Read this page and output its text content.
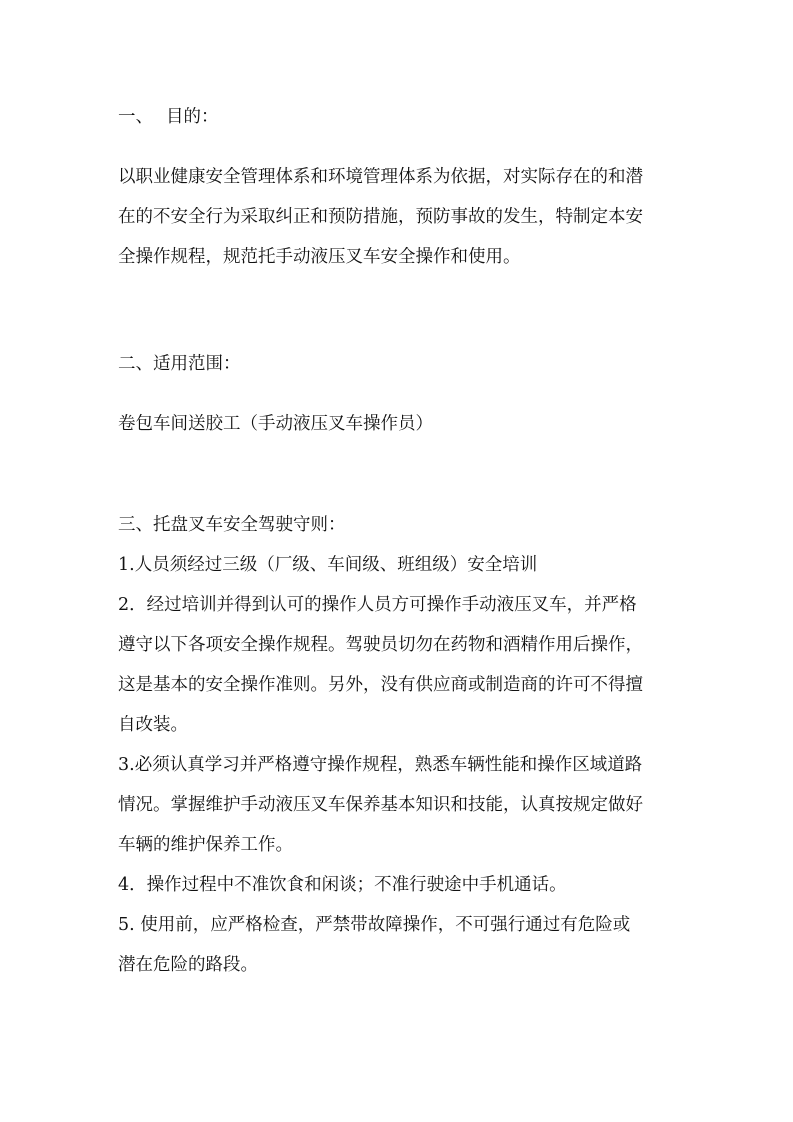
一、 目的：
以职业健康安全管理体系和环境管理体系为依据，对实际存在的和潜
在的不安全行为采取纠正和预防措施，预防事故的发生，特制定本安
全操作规程，规范托手动液压叉车安全操作和使用。
二、适用范围：
卷包车间送胶工（手动液压叉车操作员）
三、托盘叉车安全驾驶守则：
1.人员须经过三级（厂级、车间级、班组级）安全培训
2．经过培训并得到认可的操作人员方可操作手动液压叉车，并严格
遵守以下各项安全操作规程。驾驶员切勿在药物和酒精作用后操作，
这是基本的安全操作准则。另外，没有供应商或制造商的许可不得擅
自改装。
3.必须认真学习并严格遵守操作规程，熟悉车辆性能和操作区域道路
情况。掌握维护手动液压叉车保养基本知识和技能，认真按规定做好
车辆的维护保养工作。
4．操作过程中不准饮食和闲谈；不准行驶途中手机通话。
5. 使用前，应严格检查，严禁带故障操作，不可强行通过有危险或
潜在危险的路段。
